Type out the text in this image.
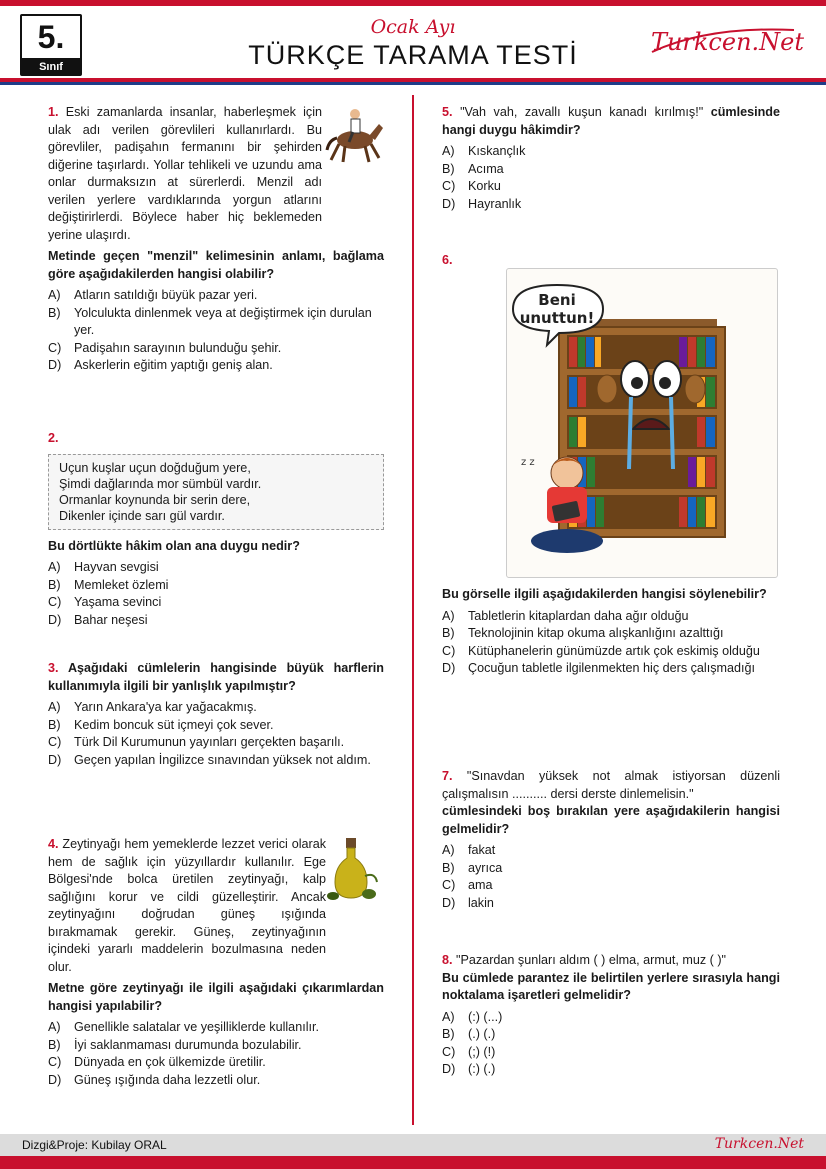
5.
Sınıf
Ocak Ayı
TÜRKÇE TARAMA TESTİ	Turkcen.Net

1. Eski zamanlarda insanlar, haberleşmek için ulak adı verilen görevlileri kullanırlardı. Bu görevliler, padişahın fermanını bir şehirden diğerine taşırlardı. Yollar tehlikeli ve uzundu ama onlar durmaksızın at sürerlerdi. Menzil adı verilen yerlere vardıklarında yorgun atlarını değiştirirlerdi. Böylece haber hiç beklemeden yerine ulaşırdı.

Metinde geçen "menzil" kelimesinin anlamı, bağlama göre aşağıdakilerden hangisi olabilir?
A)	Atların satıldığı büyük pazar yeri.
B)	Yolculukta dinlenmek veya at değiştirmek için durulan yer.
C)	Padişahın sarayının bulunduğu şehir.
D)	Askerlerin eğitim yaptığı geniş alan.

2.

Uçun kuşlar uçun doğduğum yere,
Şimdi dağlarında mor sümbül vardır.
Ormanlar koynunda bir serin dere,
Dikenler içinde sarı gül vardır.
Bu dörtlükte hâkim olan ana duygu nedir?
A)	Hayvan sevgisi
B)	Memleket özlemi
C)	Yaşama sevinci
D)	Bahar neşesi

3. Aşağıdaki cümlelerin hangisinde büyük harflerin kullanımıyla ilgili bir yanlışlık yapılmıştır?

A)	Yarın Ankara'ya kar yağacakmış.
B)	Kedim boncuk süt içmeyi çok sever.
C)	Türk Dil Kurumunun yayınları gerçekten başarılı.
D)	Geçen yapılan İngilizce sınavından yüksek not aldım.

4. Zeytinyağı hem yemeklerde lezzet verici olarak hem de sağlık için yüzyıllardır kullanılır. Ege Bölgesi'nde bolca üretilen zeytinyağı, kalp sağlığını korur ve cildi güzelleştirir. Ancak zeytinyağını doğrudan güneş ışığında bırakmamak gerekir. Güneş, zeytinyağının içindeki yararlı maddelerin bozulmasına neden olur.

Metne göre zeytinyağı ile ilgili aşağıdaki çıkarımlardan hangisi yapılabilir?
A)	Genellikle salatalar ve yeşilliklerde kullanılır.
B)	İyi saklanmaması durumunda bozulabilir.
C)	Dünyada en çok ülkemizde üretilir.
D)	Güneş ışığında daha lezzetli olur.

5. "Vah vah, zavallı kuşun kanadı kırılmış!" cümlesinde hangi duygu hâkimdir?

A)	Kıskançlık
B)	Acıma
C)	Korku
D)	Hayranlık

6.

Beni
unuttun!
z z
Bu görselle ilgili aşağıdakilerden hangisi söylenebilir?
A)	Tabletlerin kitaplardan daha ağır olduğu
B)	Teknolojinin kitap okuma alışkanlığını azalttığı
C)	Kütüphanelerin günümüzde artık çok eskimiş olduğu
D)	Çocuğun tabletle ilgilenmekten hiç ders çalışmadığı

7. "Sınavdan yüksek not almak istiyorsan düzenli çalışmalısın .......... dersi derste dinlemelisin."

cümlesindeki boş bırakılan yere aşağıdakilerin hangisi gelmelidir?
A)	fakat
B)	ayrıca
C)	ama
D)	lakin

8. "Pazardan şunları aldım ( ) elma, armut, muz ( )"

Bu cümlede parantez ile belirtilen yerlere sırasıyla hangi noktalama işaretleri gelmelidir?
A)	(:) (...)
B)	(.) (.)
C)	(;) (!)
D)	(:) (.)
Dizgi&Proje: Kubilay ORAL	Turkcen.Net
